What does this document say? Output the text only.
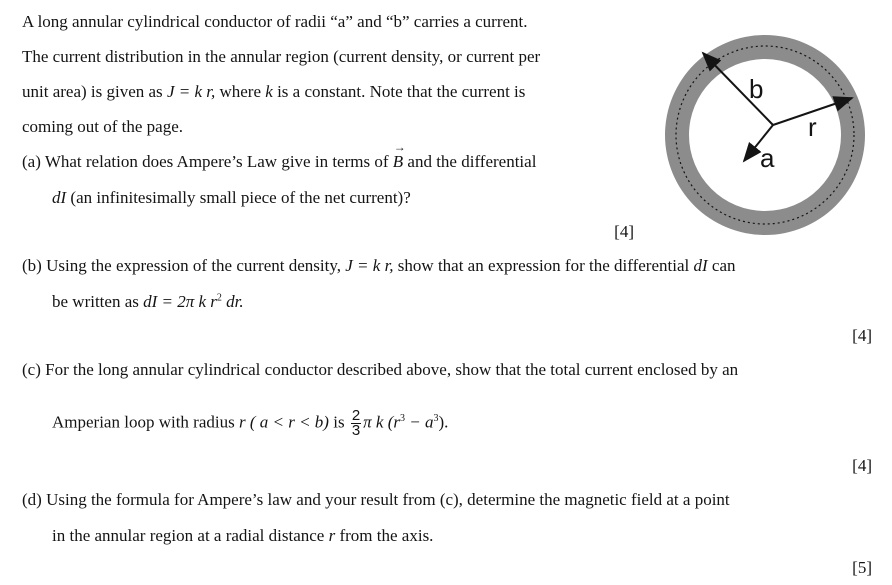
A long annular cylindrical conductor of radii “a” and “b” carries a current.
The current distribution in the annular region (current density, or current per
unit area) is given as J = k r, where k is a constant. Note that the current is
coming out of the page.
(a) What relation does Ampere’s Law give in terms of → B and the differential
dI (an infinitesimally small piece of the net current)?
[4]
(b) Using the expression of the current density, J = k r, show that an expression for the differential dI can
be written as dI = 2π k $r^2$ dr.
[4]
(c) For the long annular cylindrical conductor described above, show that the total current enclosed by an
Amperian loop with radius r ( a < r < b) is $\frac{2}{3}$ π k $(r^3 - a^3)$.
[4]
(d) Using the formula for Ampere’s law and your result from (c), determine the magnetic field at a point
in the annular region at a radial distance r from the axis.
[5]
b
r
a
